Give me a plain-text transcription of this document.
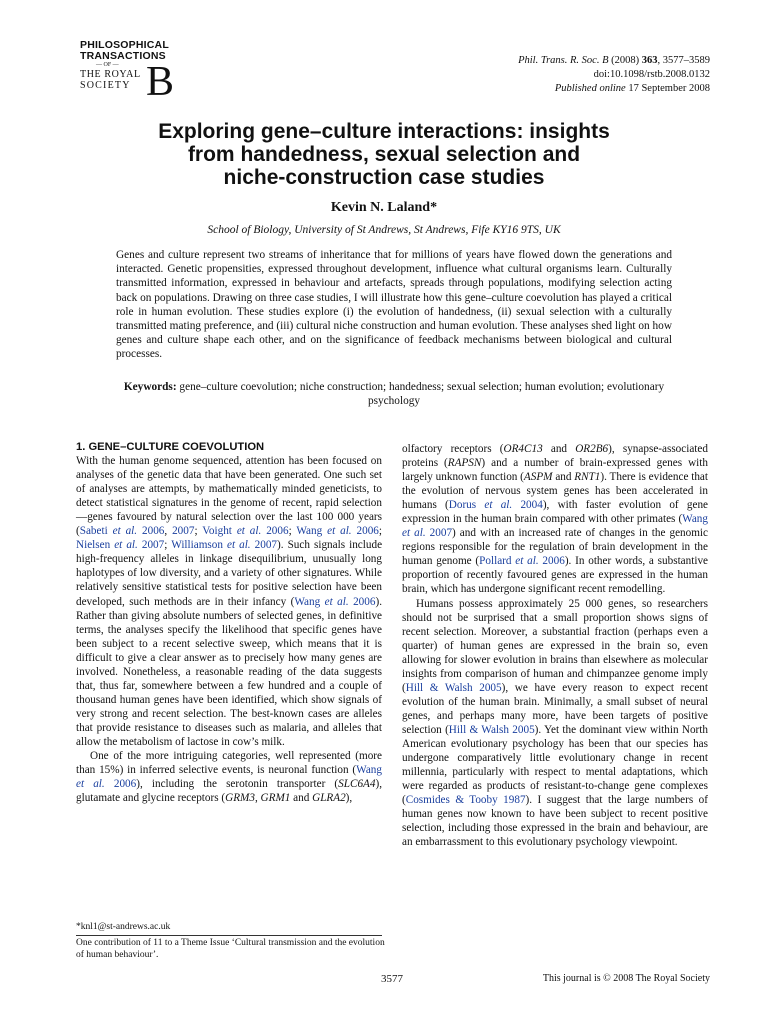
PHILOSOPHICAL
TRANSACTIONS
— OF —
THE ROYAL
SOCIETY B	Phil. Trans. R. Soc. B (2008) 363, 3577–3589
doi:10.1098/rstb.2008.0132
Published online 17 September 2008
Exploring gene–culture interactions: insights
from handedness, sexual selection and
niche-construction case studies
Kevin N. Laland*
School of Biology, University of St Andrews, St Andrews, Fife KY16 9TS, UK
Genes and culture represent two streams of inheritance that for millions of years have flowed down the generations and interacted. Genetic propensities, expressed throughout development, influence what cultural organisms learn. Culturally transmitted information, expressed in behaviour and artefacts, spreads through populations, modifying selection acting back on populations. Drawing on three case studies, I will illustrate how this gene–culture coevolution has played a critical role in human evolution. These studies explore (i) the evolution of handedness, (ii) sexual selection with a culturally transmitted mating preference, and (iii) cultural niche construction and human evolution. These analyses shed light on how genes and culture shape each other, and on the significance of feedback mechanisms between biological and cultural processes.
Keywords: gene–culture coevolution; niche construction; handedness; sexual selection; human evolution; evolutionary psychology
1. GENE–CULTURE COEVOLUTION

With the human genome sequenced, attention has been focused on analyses of the genetic data that have been generated. One such set of analyses are attempts, by mathematically minded geneticists, to detect statistical signatures in the genome of recent, rapid selection—genes favoured by natural selection over the last 100 000 years (Sabeti et al. 2006, 2007; Voight et al. 2006; Wang et al. 2006; Nielsen et al. 2007; Williamson et al. 2007). Such signals include high-frequency alleles in linkage disequilibrium, unusually long haplotypes of low diversity, and a variety of other signatures. While relatively sensitive statistical tests for positive selection have been developed, such methods are in their infancy (Wang et al. 2006). Rather than giving absolute numbers of selected genes, in definitive terms, the analyses specify the likelihood that specific genes have been subject to a recent selective sweep, which means that it is difficult to give a clear answer as to precisely how many genes are involved. Nonetheless, a reasonable reading of the data suggests that, thus far, somewhere between a few hundred and a couple of thousand human genes have been identified, which show signals of very strong and recent selection. The best-known cases are alleles that provide resistance to diseases such as malaria, and alleles that allow the metabolism of lactose in cow’s milk.

One of the more intriguing categories, well represented (more than 15%) in inferred selective events, is neuronal function (Wang et al. 2006), including the serotonin transporter (SLC6A4), glutamate and glycine receptors (GRM3, GRM1 and GLRA2),

olfactory receptors (OR4C13 and OR2B6), synapse-associated proteins (RAPSN) and a number of brain-expressed genes with largely unknown function (ASPM and RNT1). There is evidence that the evolution of nervous system genes has been accelerated in humans (Dorus et al. 2004), with faster evolution of gene expression in the human brain compared with other primates (Wang et al. 2007) and with an increased rate of changes in the genomic regions responsible for the regulation of brain development in the human genome (Pollard et al. 2006). In other words, a substantive proportion of recently favoured genes are expressed in the human brain, which has undergone significant recent remodelling.

Humans possess approximately 25 000 genes, so researchers should not be surprised that a small proportion shows signs of recent selection. Moreover, a substantial fraction (perhaps even a quarter) of human genes are expressed in the brain so, even allowing for slower evolution in brains than elsewhere as molecular insights from comparison of human and chimpanzee genome imply (Hill & Walsh 2005), we have every reason to expect recent evolution of the human brain. Minimally, a small subset of neural genes, and perhaps many more, have been targets of positive selection (Hill & Walsh 2005). Yet the dominant view within North American evolutionary psychology has been that our species has undergone comparatively little evolutionary change in recent millennia, particularly with respect to mental adaptations, which were regarded as products of resistant-to-change gene complexes (Cosmides & Tooby 1987). I suggest that the large numbers of human genes now known to have been subject to recent positive selection, including those expressed in the brain and behaviour, are an embarrassment to this evolutionary psychology viewpoint.

*knl1@st-andrews.ac.uk
One contribution of 11 to a Theme Issue ‘Cultural transmission and the evolution of human behaviour’.
3577	This journal is © 2008 The Royal Society
